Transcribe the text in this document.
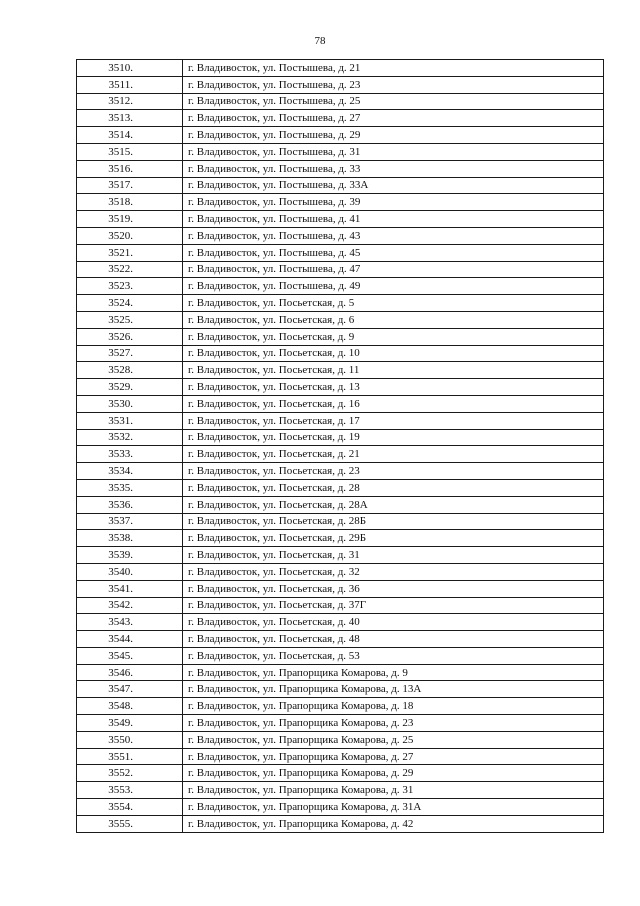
78
3510.	г. Владивосток, ул. Постышева, д. 21
3511.	г. Владивосток, ул. Постышева, д. 23
3512.	г. Владивосток, ул. Постышева, д. 25
3513.	г. Владивосток, ул. Постышева, д. 27
3514.	г. Владивосток, ул. Постышева, д. 29
3515.	г. Владивосток, ул. Постышева, д. 31
3516.	г. Владивосток, ул. Постышева, д. 33
3517.	г. Владивосток, ул. Постышева, д. 33А
3518.	г. Владивосток, ул. Постышева, д. 39
3519.	г. Владивосток, ул. Постышева, д. 41
3520.	г. Владивосток, ул. Постышева, д. 43
3521.	г. Владивосток, ул. Постышева, д. 45
3522.	г. Владивосток, ул. Постышева, д. 47
3523.	г. Владивосток, ул. Постышева, д. 49
3524.	г. Владивосток, ул. Посьетская, д. 5
3525.	г. Владивосток, ул. Посьетская, д. 6
3526.	г. Владивосток, ул. Посьетская, д. 9
3527.	г. Владивосток, ул. Посьетская, д. 10
3528.	г. Владивосток, ул. Посьетская, д. 11
3529.	г. Владивосток, ул. Посьетская, д. 13
3530.	г. Владивосток, ул. Посьетская, д. 16
3531.	г. Владивосток, ул. Посьетская, д. 17
3532.	г. Владивосток, ул. Посьетская, д. 19
3533.	г. Владивосток, ул. Посьетская, д. 21
3534.	г. Владивосток, ул. Посьетская, д. 23
3535.	г. Владивосток, ул. Посьетская, д. 28
3536.	г. Владивосток, ул. Посьетская, д. 28А
3537.	г. Владивосток, ул. Посьетская, д. 28Б
3538.	г. Владивосток, ул. Посьетская, д. 29Б
3539.	г. Владивосток, ул. Посьетская, д. 31
3540.	г. Владивосток, ул. Посьетская, д. 32
3541.	г. Владивосток, ул. Посьетская, д. 36
3542.	г. Владивосток, ул. Посьетская, д. 37Г
3543.	г. Владивосток, ул. Посьетская, д. 40
3544.	г. Владивосток, ул. Посьетская, д. 48
3545.	г. Владивосток, ул. Посьетская, д. 53
3546.	г. Владивосток, ул. Прапорщика Комарова, д. 9
3547.	г. Владивосток, ул. Прапорщика Комарова, д. 13А
3548.	г. Владивосток, ул. Прапорщика Комарова, д. 18
3549.	г. Владивосток, ул. Прапорщика Комарова, д. 23
3550.	г. Владивосток, ул. Прапорщика Комарова, д. 25
3551.	г. Владивосток, ул. Прапорщика Комарова, д. 27
3552.	г. Владивосток, ул. Прапорщика Комарова, д. 29
3553.	г. Владивосток, ул. Прапорщика Комарова, д. 31
3554.	г. Владивосток, ул. Прапорщика Комарова, д. 31А
3555.	г. Владивосток, ул. Прапорщика Комарова, д. 42
